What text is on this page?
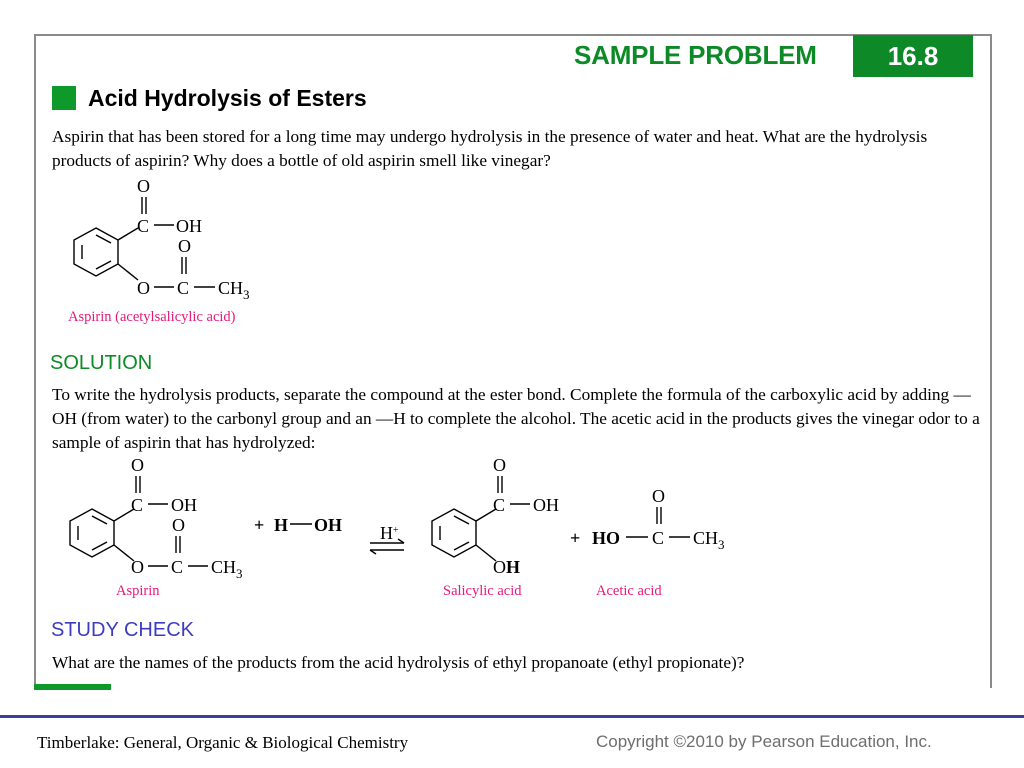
SAMPLE PROBLEM	16.8
Acid Hydrolysis of Esters

Aspirin that has been stored for a long time may undergo hydrolysis in the presence of water and heat. What are the hydrolysis products of aspirin? Why does a bottle of old aspirin smell like vinegar?

O
C OH
O
O C $CH_3$
Aspirin (acetylsalicylic acid)
SOLUTION

To write the hydrolysis products, separate the compound at the ester bond. Complete the formula of the carboxylic acid by adding —OH (from water) to the carbonyl group and an —H to complete the alcohol. The acetic acid in the products gives the vinegar odor to a sample of aspirin that has hydrolyzed:

O
C OH
O
O C $CH_3$
Aspirin
+ H OH H+
O
C OH
OH
Salicylic acid
+ HO
O
C $CH_3$
Acetic acid
STUDY CHECK

What are the names of the products from the acid hydrolysis of ethyl propanoate (ethyl propionate)?

Timberlake: General, Organic & Biological Chemistry	Copyright ©2010 by Pearson Education, Inc.
